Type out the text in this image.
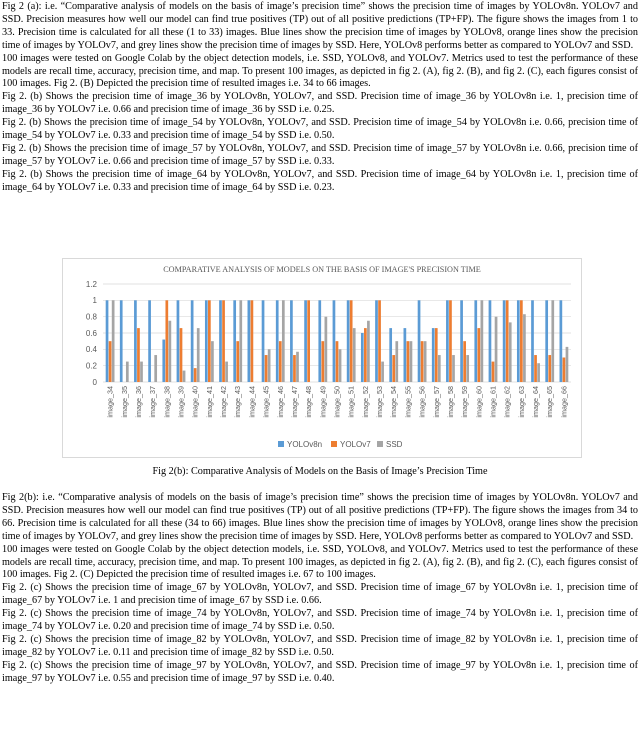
Fig 2 (a): i.e. “Comparative analysis of models on the basis of image’s precision time” shows the precision time of images by YOLOv8n. YOLOv7 and SSD. Precision measures how well our model can find true positives (TP) out of all positive predictions (TP+FP). The figure shows the images from 1 to 33. Precision time is calculated for all these (1 to 33) images. Blue lines show the precision time of images by YOLOv8, orange lines show the precision time of images by YOLOv7, and grey lines show the precision time of images by SSD. Here, YOLOv8 performs better as compared to YOLOv7 and SSD.

100 images were tested on Google Colab by the object detection models, i.e. SSD, YOLOv8, and YOLOv7. Metrics used to test the performance of these models are recall time, accuracy, precision time, and map. To present 100 images, as depicted in fig 2. (A), fig 2. (B), and fig 2. (C), each figures consist of 100 images. Fig 2. (B) Depicted the precision time of resulted images i.e. 34 to 66 images.

Fig 2. (b) Shows the precision time of image_36 by YOLOv8n, YOLOv7, and SSD. Precision time of image_36 by YOLOv8n i.e. 1, precision time of image_36 by YOLOv7 i.e. 0.66 and precision time of image_36 by SSD i.e. 0.25.

Fig 2. (b) Shows the precision time of image_54 by YOLOv8n, YOLOv7, and SSD. Precision time of image_54 by YOLOv8n i.e. 0.66, precision time of image_54 by YOLOv7 i.e. 0.33 and precision time of image_54 by SSD i.e. 0.50.

Fig 2. (b) Shows the precision time of image_57 by YOLOv8n, YOLOv7, and SSD. Precision time of image_57 by YOLOv8n i.e. 0.66, precision time of image_57 by YOLOv7 i.e. 0.66 and precision time of image_57 by SSD i.e. 0.33.

Fig 2. (b) Shows the precision time of image_64 by YOLOv8n, YOLOv7, and SSD. Precision time of image_64 by YOLOv8n i.e. 1, precision time of image_64 by YOLOv7 i.e. 0.33 and precision time of image_64 by SSD i.e. 0.23.

COMPARATIVE ANALYSIS OF MODELS ON THE BASIS OF IMAGE'S PRECISION TIME
0
0.2
0.4
0.6
0.8
1
1.2
image_34 image_35 image_36 image_37 image_38 image_39 image_40 image_41 image_42 image_43 image_44 image_45 image_46 image_47 image_48 image_49 image_50 image_51 image_52 image_53 image_54 image_55 image_56 image_57 image_58 image_59 image_60 image_61 image_62 image_63 image_64 image_65 image_66
YOLOv8n YOLOv7 SSD
Fig 2(b): Comparative Analysis of Models on the Basis of Image’s Precision Time

Fig 2(b): i.e. “Comparative analysis of models on the basis of image’s precision time” shows the precision time of images by YOLOv8n. YOLOv7 and SSD. Precision measures how well our model can find true positives (TP) out of all positive predictions (TP+FP). The figure shows the images from 34 to 66. Precision time is calculated for all these (34 to 66) images. Blue lines show the precision time of images by YOLOv8, orange lines show the precision time of images by YOLOv7, and grey lines show the precision time of images by SSD. Here, YOLOv8 performs better as compared to YOLOv7 and SSD.

100 images were tested on Google Colab by the object detection models, i.e. SSD, YOLOv8, and YOLOv7. Metrics used to test the performance of these models are recall time, accuracy, precision time, and map. To present 100 images, as depicted in fig 2. (A), fig 2. (B), and fig 2. (C), each figures consist of 100 images. Fig 2. (C) Depicted the precision time of resulted images i.e. 67 to 100 images.

Fig 2. (c) Shows the precision time of image_67 by YOLOv8n, YOLOv7, and SSD. Precision time of image_67 by YOLOv8n i.e. 1, precision time of image_67 by YOLOv7 i.e. 1 and precision time of image_67 by SSD i.e. 0.66.

Fig 2. (c) Shows the precision time of image_74 by YOLOv8n, YOLOv7, and SSD. Precision time of image_74 by YOLOv8n i.e. 1, precision time of image_74 by YOLOv7 i.e. 0.20 and precision time of image_74 by SSD i.e. 0.50.

Fig 2. (c) Shows the precision time of image_82 by YOLOv8n, YOLOv7, and SSD. Precision time of image_82 by YOLOv8n i.e. 1, precision time of image_82 by YOLOv7 i.e. 0.11 and precision time of image_82 by SSD i.e. 0.50.

Fig 2. (c) Shows the precision time of image_97 by YOLOv8n, YOLOv7, and SSD. Precision time of image_97 by YOLOv8n i.e. 1, precision time of image_97 by YOLOv7 i.e. 0.55 and precision time of image_97 by SSD i.e. 0.40.
